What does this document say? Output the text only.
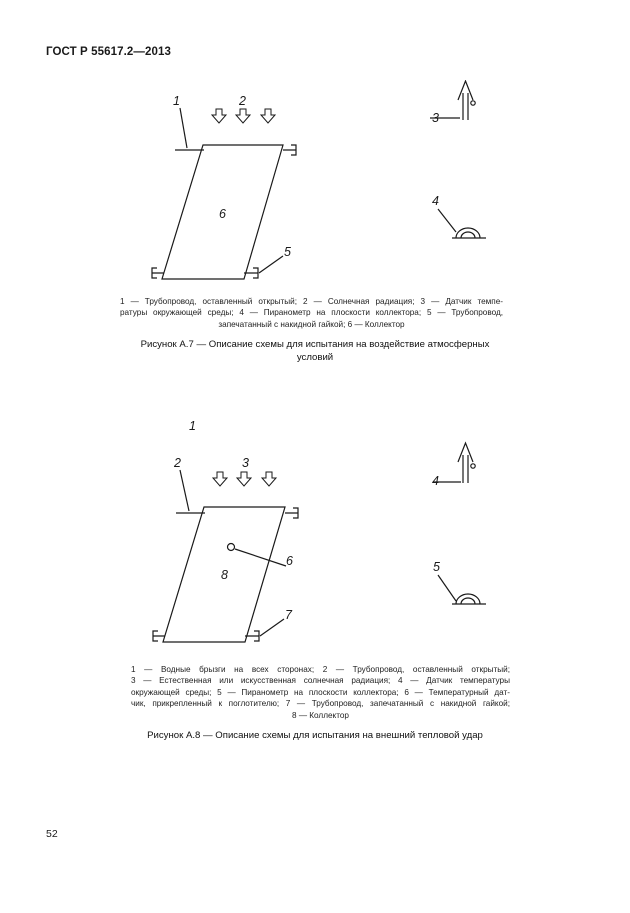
ГОСТ Р 55617.2—2013
1	2
3
4
5
6

1 — Трубопровод, оставленный открытый; 2 — Солнечная радиация; 3 — Датчик темпе-

ратуры окружающей среды; 4 — Пиранометр на плоскости коллектора; 5 — Трубопровод,

запечатанный с накидной гайкой; 6 — Коллектор

Рисунок А.7 — Описание схемы для испытания на воздействие атмосферных
условий
1
2	3
4
5
6
7
8

1 — Водные брызги на всех сторонах; 2 — Трубопровод, оставленный открытый;

3 — Естественная или искусственная солнечная радиация; 4 — Датчик температуры

окружающей среды; 5 — Пиранометр на плоскости коллектора; 6 — Температурный дат-

чик, прикрепленный к поглотителю; 7 — Трубопровод, запечатанный с накидной гайкой;

8 — Коллектор

Рисунок А.8 — Описание схемы для испытания на внешний тепловой удар
52
